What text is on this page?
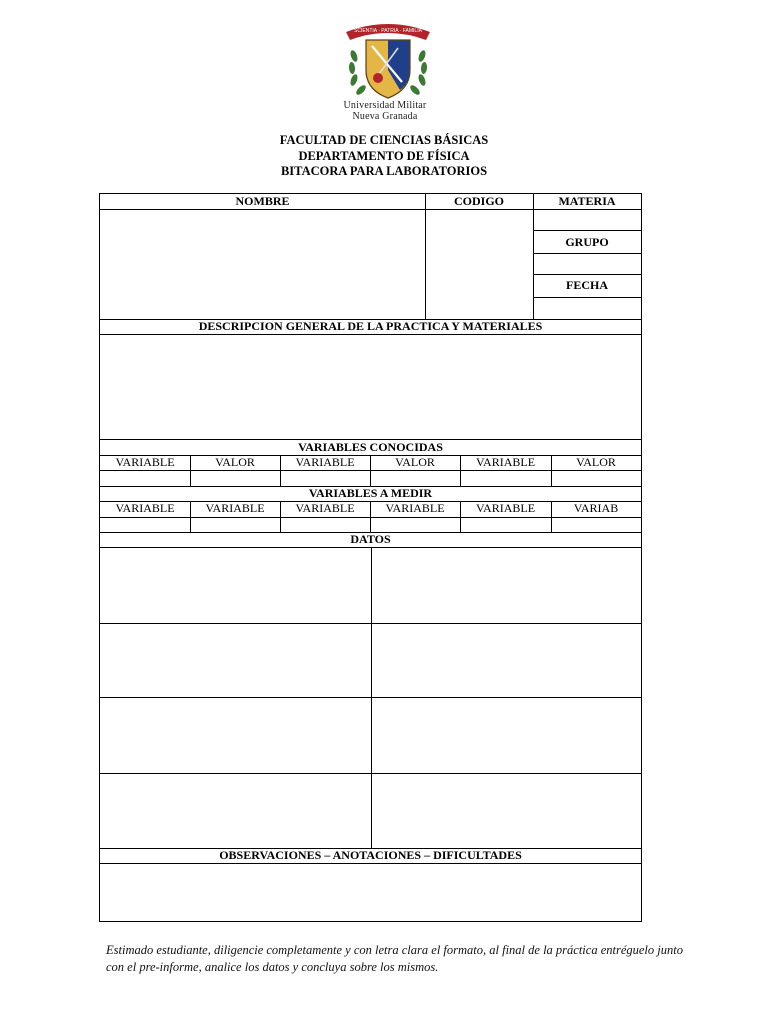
SCIENTIA · PATRIA · FAMILIA
Universidad Militar
Nueva Granada
FACULTAD DE CIENCIAS BÁSICAS
DEPARTAMENTO DE FÍSICA
BITACORA PARA LABORATORIOS
NOMBRE	CODIGO	MATERIA
GRUPO
FECHA
DESCRIPCION GENERAL DE LA PRACTICA Y MATERIALES
VARIABLES CONOCIDAS
VARIABLE	VALOR	VARIABLE	VALOR	VARIABLE	VALOR
VARIABLES A MEDIR
VARIABLE	VARIABLE	VARIABLE	VARIABLE	VARIABLE	VARIAB
DATOS
OBSERVACIONES – ANOTACIONES – DIFICULTADES
Estimado estudiante, diligencie completamente y con letra clara el formato, al final de la práctica entréguelo junto con el pre-informe, analice los datos y concluya sobre los mismos.
